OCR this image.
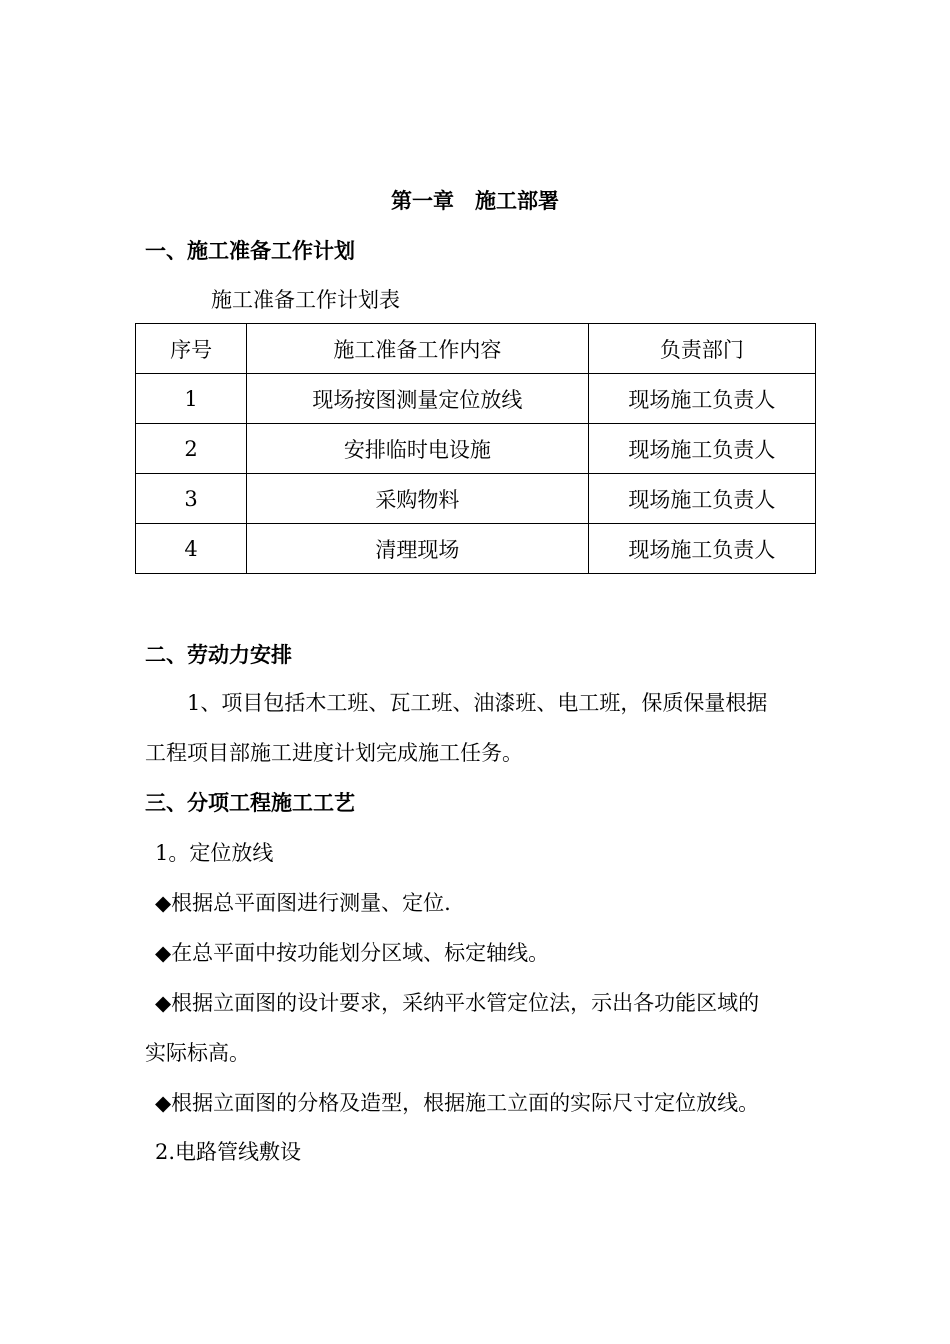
第一章　施工部署
一、施工准备工作计划
施工准备工作计划表
序号	施工准备工作内容	负责部门
1	现场按图测量定位放线	现场施工负责人
2	安排临时电设施	现场施工负责人
3	采购物料	现场施工负责人
4	清理现场	现场施工负责人
二、劳动力安排
1、项目包括木工班、瓦工班、油漆班、电工班，保质保量根据
工程项目部施工进度计划完成施工任务。
三、分项工程施工工艺
1。定位放线
◆根据总平面图进行测量、定位.
◆在总平面中按功能划分区域、标定轴线。
◆根据立面图的设计要求，采纳平水管定位法，示出各功能区域的
实际标高。
◆根据立面图的分格及造型，根据施工立面的实际尺寸定位放线。
2.电路管线敷设
